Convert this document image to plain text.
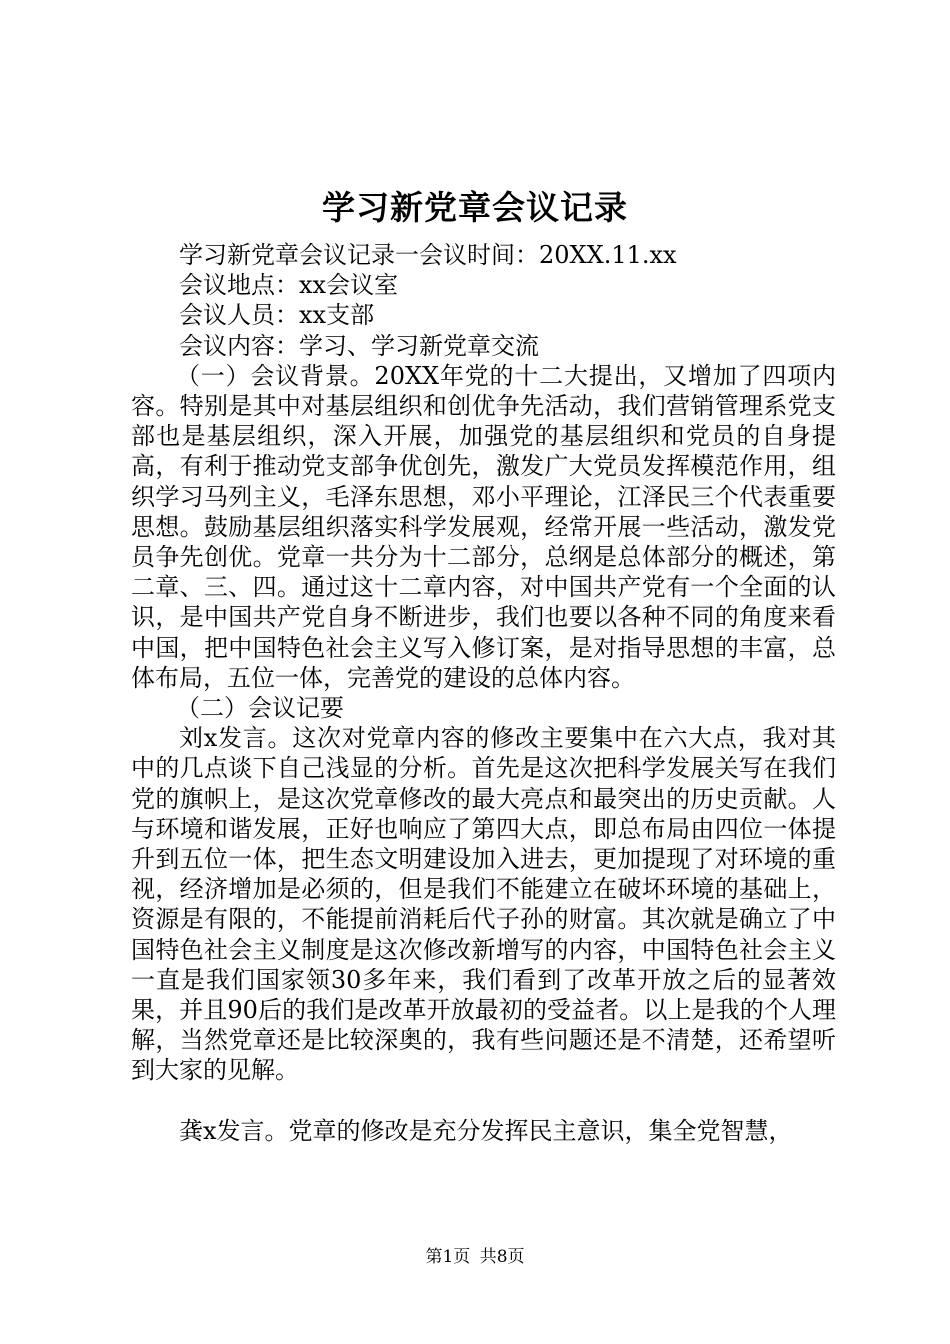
学习新党章会议记录

学习新党章会议记录一会议时间：20XX.11.xx

会议地点：xx会议室

会议人员：xx支部

会议内容：学习、学习新党章交流

（一）会议背景。20XX年党的十二大提出，又增加了四项内容。特别是其中对基层组织和创优争先活动，我们营销管理系党支部也是基层组织，深入开展，加强党的基层组织和党员的自身提高，有利于推动党支部争优创先，激发广大党员发挥模范作用，组织学习马列主义，毛泽东思想，邓小平理论，江泽民三个代表重要思想。鼓励基层组织落实科学发展观，经常开展一些活动，激发党员争先创优。党章一共分为十二部分，总纲是总体部分的概述，第二章、三、四。通过这十二章内容，对中国共产党有一个全面的认识，是中国共产党自身不断进步，我们也要以各种不同的角度来看中国，把中国特色社会主义写入修订案，是对指导思想的丰富，总体布局，五位一体，完善党的建设的总体内容。

（二）会议记要

刘x发言。这次对党章内容的修改主要集中在六大点，我对其中的几点谈下自己浅显的分析。首先是这次把科学发展关写在我们党的旗帜上，是这次党章修改的最大亮点和最突出的历史贡献。人与环境和谐发展，正好也响应了第四大点，即总布局由四位一体提升到五位一体，把生态文明建设加入进去，更加提现了对环境的重视，经济增加是必须的，但是我们不能建立在破坏环境的基础上，资源是有限的，不能提前消耗后代子孙的财富。其次就是确立了中国特色社会主义制度是这次修改新增写的内容，中国特色社会主义一直是我们国家领30多年来，我们看到了改革开放之后的显著效果，并且90后的我们是改革开放最初的受益者。以上是我的个人理解，当然党章还是比较深奥的，我有些问题还是不清楚，还希望听到大家的见解。

龚x发言。党章的修改是充分发挥民主意识，集全党智慧，

第1页 共8页
